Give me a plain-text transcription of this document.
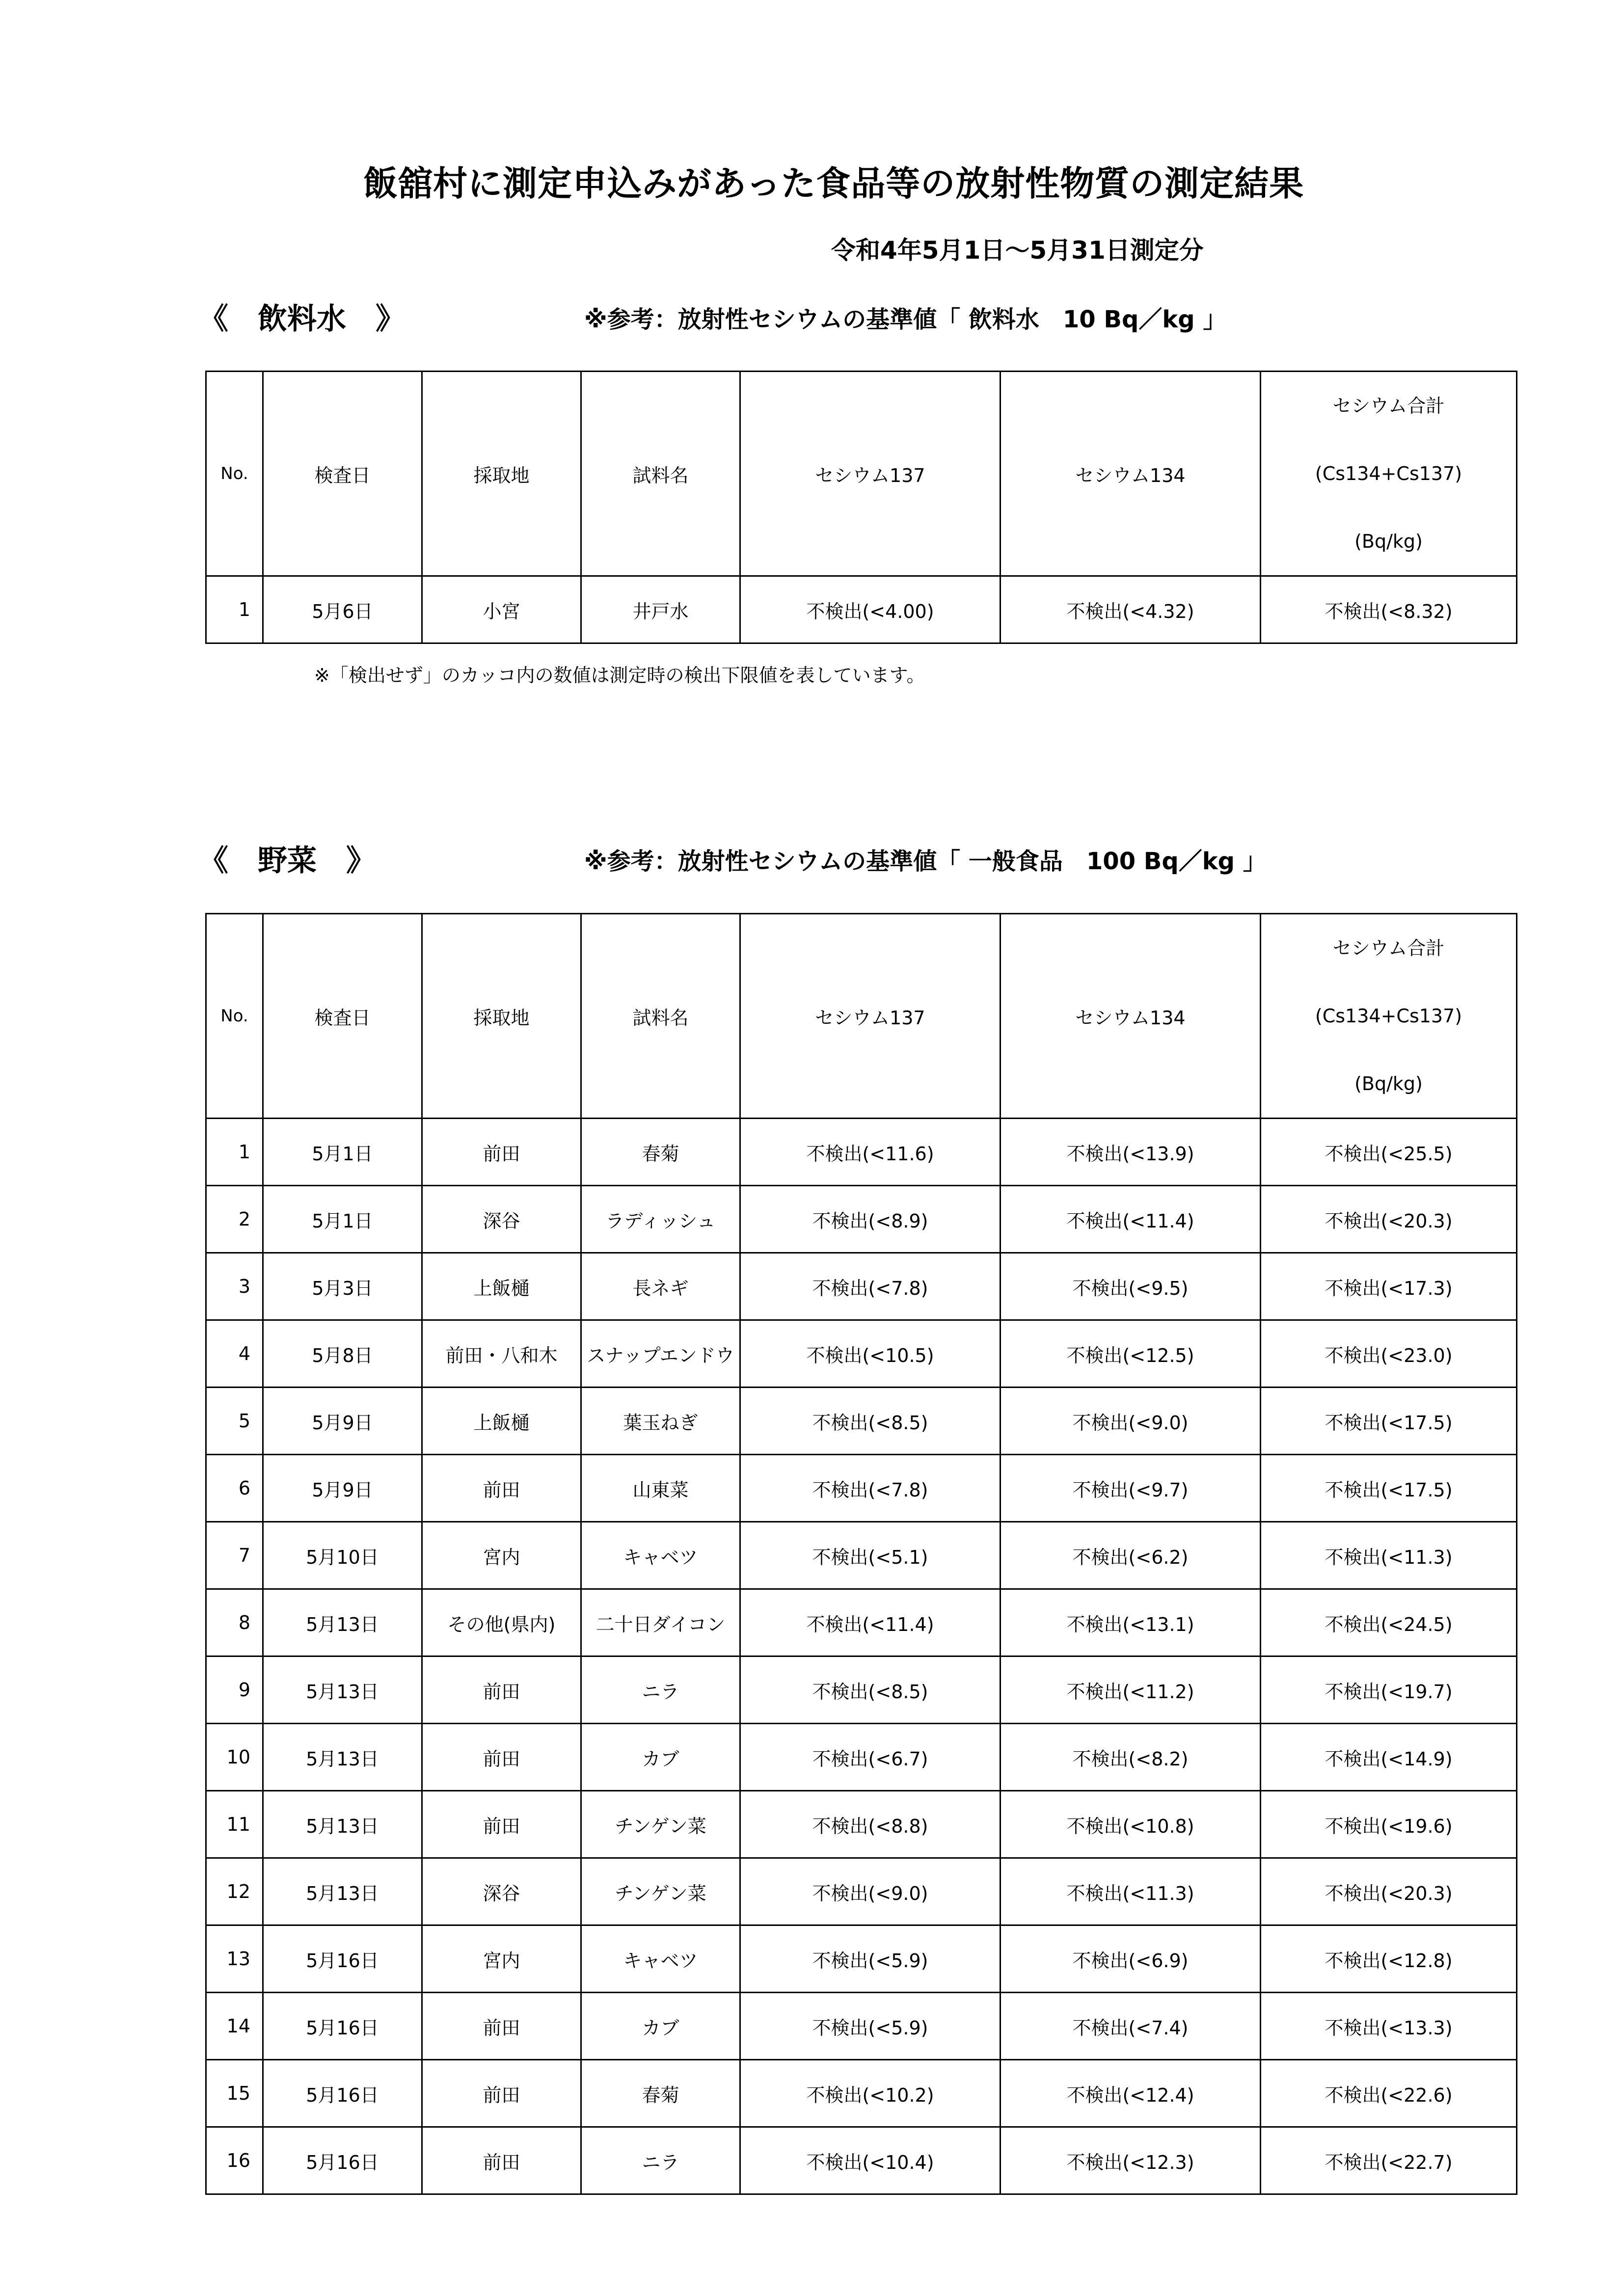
飯舘村に測定申込みがあった食品等の放射性物質の測定結果
令和4年5月1日～5月31日測定分
《　飲料水　》	※参考：放射性セシウムの基準値「 飲料水　10 Bq／kg 」
No.	検査日	採取地	試料名	セシウム137	セシウム134	セシウム合計
(Cs134+Cs137)
(Bq/kg)

1	5月6日	小宮	井戸水	不検出(<4.00)	不検出(<4.32)	不検出(<8.32)
※「検出せず」のカッコ内の数値は測定時の検出下限値を表しています。
《　野菜　》	※参考：放射性セシウムの基準値「 一般食品　100 Bq／kg 」
No.	検査日	採取地	試料名	セシウム137	セシウム134	セシウム合計
(Cs134+Cs137)
(Bq/kg)

1	5月1日	前田	春菊	不検出(<11.6)	不検出(<13.9)	不検出(<25.5)
2	5月1日	深谷	ラディッシュ	不検出(<8.9)	不検出(<11.4)	不検出(<20.3)
3	5月3日	上飯樋	長ネギ	不検出(<7.8)	不検出(<9.5)	不検出(<17.3)
4	5月8日	前田・八和木	スナップエンドウ	不検出(<10.5)	不検出(<12.5)	不検出(<23.0)
5	5月9日	上飯樋	葉玉ねぎ	不検出(<8.5)	不検出(<9.0)	不検出(<17.5)
6	5月9日	前田	山東菜	不検出(<7.8)	不検出(<9.7)	不検出(<17.5)
7	5月10日	宮内	キャベツ	不検出(<5.1)	不検出(<6.2)	不検出(<11.3)
8	5月13日	その他(県内)	二十日ダイコン	不検出(<11.4)	不検出(<13.1)	不検出(<24.5)
9	5月13日	前田	ニラ	不検出(<8.5)	不検出(<11.2)	不検出(<19.7)
10	5月13日	前田	カブ	不検出(<6.7)	不検出(<8.2)	不検出(<14.9)
11	5月13日	前田	チンゲン菜	不検出(<8.8)	不検出(<10.8)	不検出(<19.6)
12	5月13日	深谷	チンゲン菜	不検出(<9.0)	不検出(<11.3)	不検出(<20.3)
13	5月16日	宮内	キャベツ	不検出(<5.9)	不検出(<6.9)	不検出(<12.8)
14	5月16日	前田	カブ	不検出(<5.9)	不検出(<7.4)	不検出(<13.3)
15	5月16日	前田	春菊	不検出(<10.2)	不検出(<12.4)	不検出(<22.6)
16	5月16日	前田	ニラ	不検出(<10.4)	不検出(<12.3)	不検出(<22.7)
